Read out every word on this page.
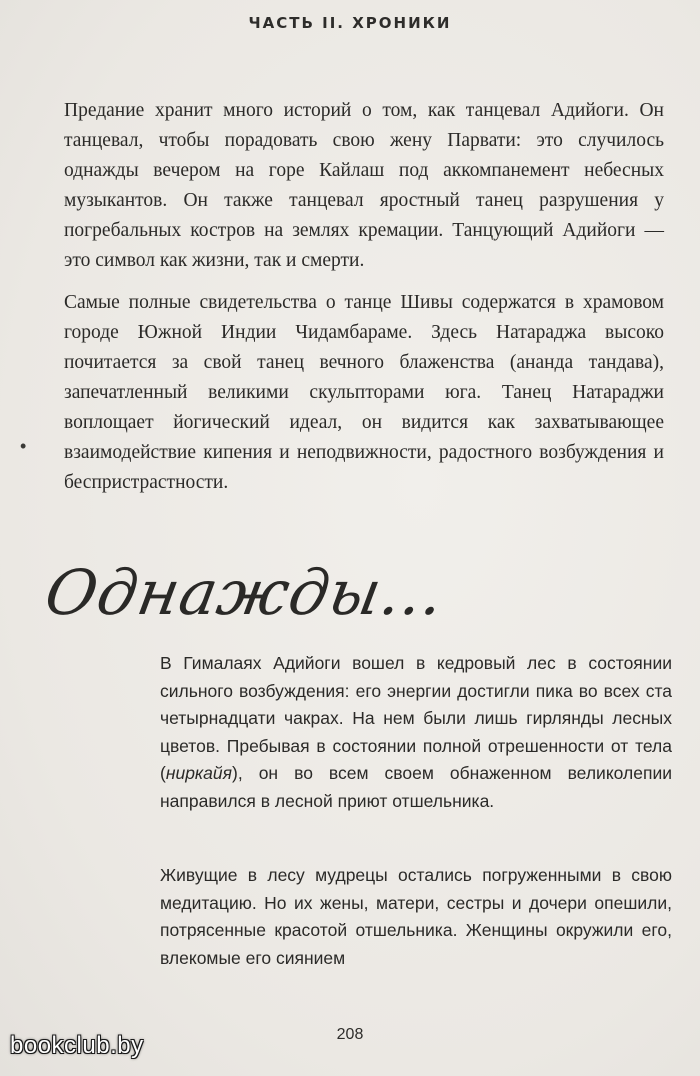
ЧАСТЬ II. ХРОНИКИ
Предание хранит много историй о том, как танцевал Адийоги. Он танцевал, чтобы порадовать свою жену Парвати: это случилось однажды вечером на горе Кайлаш под аккомпанемент небесных музыкантов. Он также танцевал яростный танец разрушения у погребальных костров на землях кремации. Танцующий Адийоги — это символ как жизни, так и смерти.
Самые полные свидетельства о танце Шивы содержатся в храмовом городе Южной Индии Чидамбараме. Здесь Натараджа высоко почитается за свой танец вечного блаженства (ананда тандава), запечатленный великими скульпторами юга. Танец Натараджи воплощает йогический идеал, он видится как захватывающее взаимодействие кипения и неподвижности, радостного возбуждения и беспристрастности.
•
Однажды...
В Гималаях Адийоги вошел в кедровый лес в состоянии сильного возбуждения: его энергии достигли пика во всех ста четырнадцати чакрах. На нем были лишь гирлянды лесных цветов. Пребывая в состоянии полной отрешенности от тела (ниркайя), он во всем своем обнаженном великолепии направился в лесной приют отшельника.
Живущие в лесу мудрецы остались погруженными в свою медитацию. Но их жены, матери, сестры и дочери опешили, потрясенные красотой отшельника. Женщины окружили его, влекомые его сиянием
208
bookclub.by
